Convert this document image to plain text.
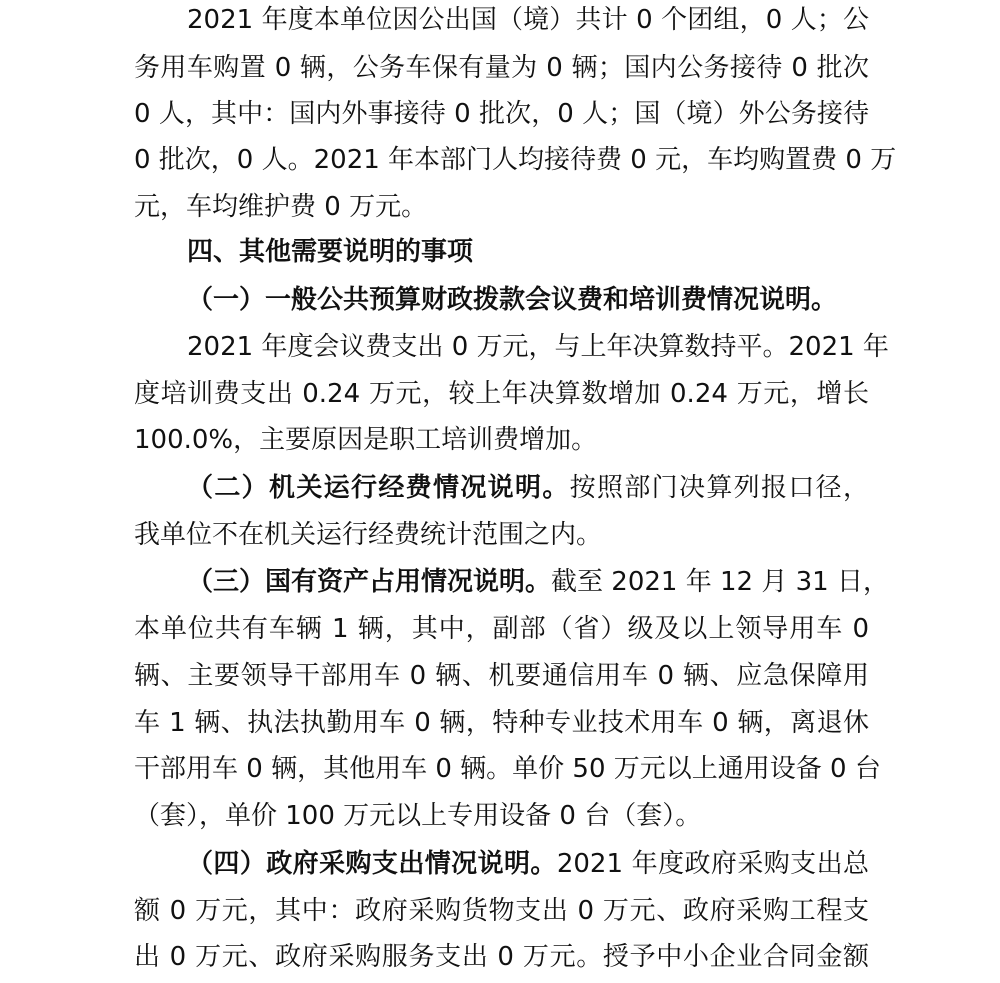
2021 年度本单位因公出国（境）共计 0 个团组，0 人；公
务用车购置 0 辆，公务车保有量为 0 辆；国内公务接待 0 批次
0 人，其中：国内外事接待 0 批次，0 人；国（境）外公务接待
0 批次，0 人。2021 年本部门人均接待费 0 元，车均购置费 0 万
元，车均维护费 0 万元。
四、其他需要说明的事项
（一）一般公共预算财政拨款会议费和培训费情况说明。
2021 年度会议费支出 0 万元，与上年决算数持平。2021 年
度培训费支出 0.24 万元，较上年决算数增加 0.24 万元，增长
100.0%，主要原因是职工培训费增加。
（二）机关运行经费情况说明。按照部门决算列报口径，
我单位不在机关运行经费统计范围之内。
（三）国有资产占用情况说明。截至 2021 年 12 月 31 日，
本单位共有车辆 1 辆，其中，副部（省）级及以上领导用车 0
辆、主要领导干部用车 0 辆、机要通信用车 0 辆、应急保障用
车 1 辆、执法执勤用车 0 辆，特种专业技术用车 0 辆，离退休
干部用车 0 辆，其他用车 0 辆。单价 50 万元以上通用设备 0 台
（套），单价 100 万元以上专用设备 0 台（套）。
（四）政府采购支出情况说明。2021 年度政府采购支出总
额 0 万元，其中：政府采购货物支出 0 万元、政府采购工程支
出 0 万元、政府采购服务支出 0 万元。授予中小企业合同金额
